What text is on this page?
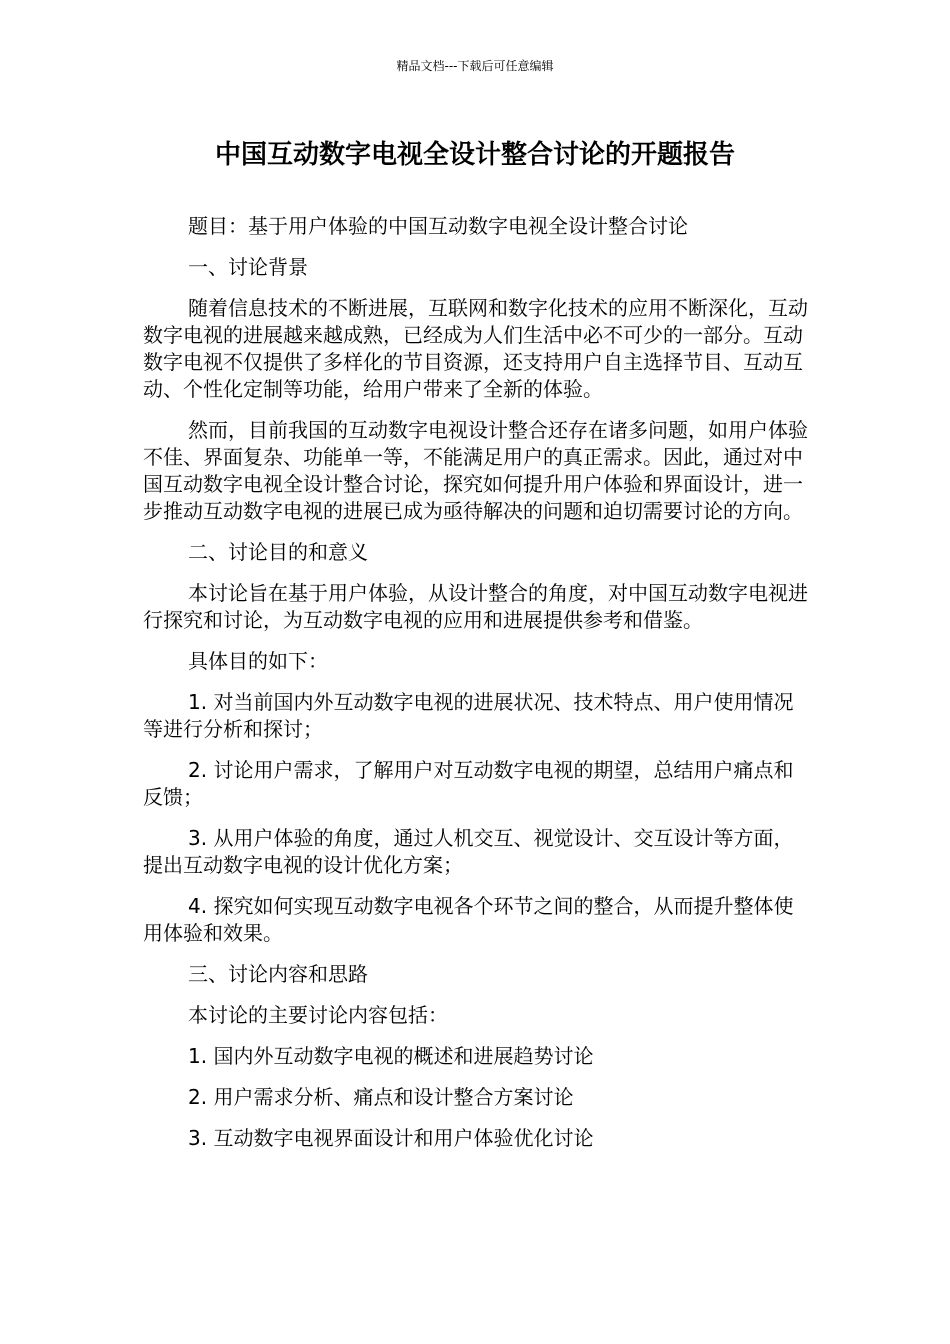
精品文档---下载后可任意编辑
中国互动数字电视全设计整合讨论的开题报告

题目：基于用户体验的中国互动数字电视全设计整合讨论

一、讨论背景

随着信息技术的不断进展，互联网和数字化技术的应用不断深化，互动数字电视的进展越来越成熟，已经成为人们生活中必不可少的一部分。互动数字电视不仅提供了多样化的节目资源，还支持用户自主选择节目、互动互动、个性化定制等功能，给用户带来了全新的体验。

然而，目前我国的互动数字电视设计整合还存在诸多问题，如用户体验不佳、界面复杂、功能单一等，不能满足用户的真正需求。因此，通过对中国互动数字电视全设计整合讨论，探究如何提升用户体验和界面设计，进一步推动互动数字电视的进展已成为亟待解决的问题和迫切需要讨论的方向。

二、讨论目的和意义

本讨论旨在基于用户体验，从设计整合的角度，对中国互动数字电视进行探究和讨论，为互动数字电视的应用和进展提供参考和借鉴。

具体目的如下：

1. 对当前国内外互动数字电视的进展状况、技术特点、用户使用情况等进行分析和探讨；

2. 讨论用户需求，了解用户对互动数字电视的期望，总结用户痛点和反馈；

3. 从用户体验的角度，通过人机交互、视觉设计、交互设计等方面，提出互动数字电视的设计优化方案；

4. 探究如何实现互动数字电视各个环节之间的整合，从而提升整体使用体验和效果。

三、讨论内容和思路

本讨论的主要讨论内容包括：

1. 国内外互动数字电视的概述和进展趋势讨论

2. 用户需求分析、痛点和设计整合方案讨论

3. 互动数字电视界面设计和用户体验优化讨论
